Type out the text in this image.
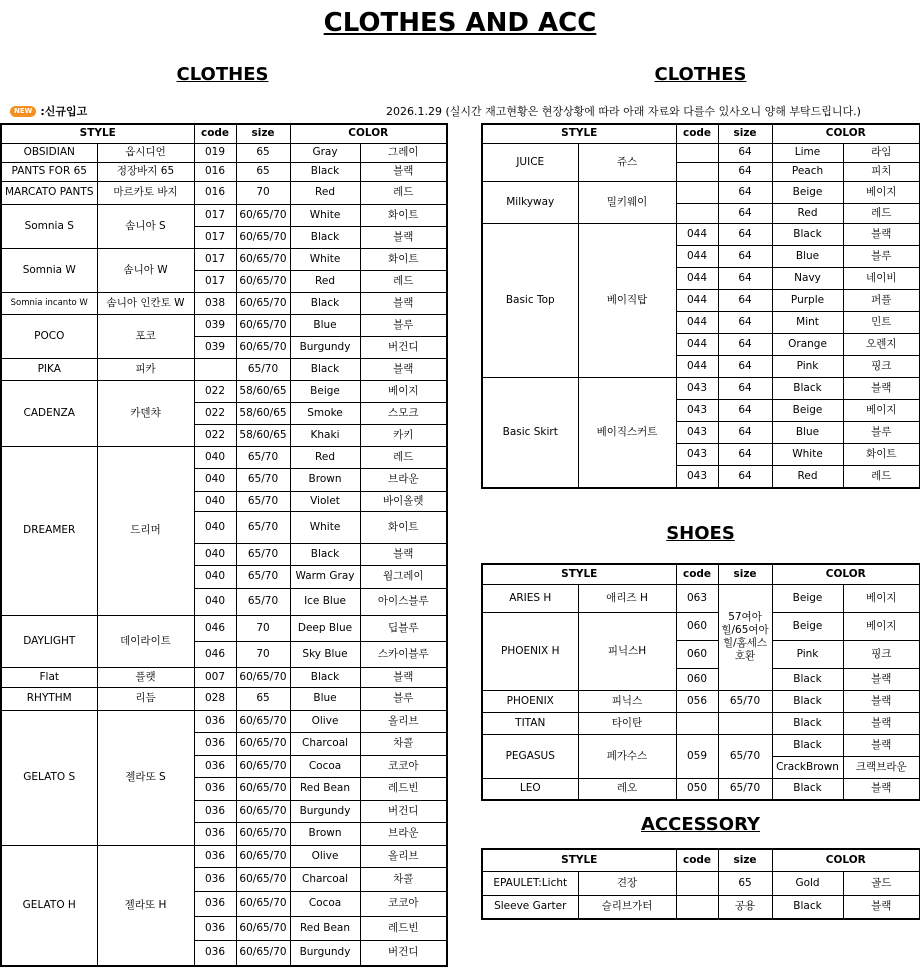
CLOTHES AND ACC
CLOTHES	CLOTHES
SHOES
ACCESSORY
NEW :신규입고	2026.1.29 (실시간 재고현황은 현장상황에 따라 아래 자료와 다를수 있사오니 양해 부탁드립니다.)
STYLE		code	size	COLOR	
OBSIDIAN	옵시디언	019	65	Gray	그레이
PANTS FOR 65	정장바지 65	016	65	Black	블랙
MARCATO PANTS	마르카토 바지	016	70	Red	레드
Somnia S	솜니아 S	017	60/65/70	White	화이트
		017	60/65/70	Black	블랙
Somnia W	솜니아 W	017	60/65/70	White	화이트
		017	60/65/70	Red	레드
Somnia incanto W	솜니아 인칸토 W	038	60/65/70	Black	블랙
POCO	포코	039	60/65/70	Blue	블루
		039	60/65/70	Burgundy	버건디
PIKA	피카		65/70	Black	블랙
CADENZA	카덴챠	022	58/60/65	Beige	베이지
		022	58/60/65	Smoke	스모크
		022	58/60/65	Khaki	카키
DREAMER	드리머	040	65/70	Red	레드
		040	65/70	Brown	브라운
		040	65/70	Violet	바이올렛
		040	65/70	White	화이트
		040	65/70	Black	블랙
		040	65/70	Warm Gray	웜그레이
		040	65/70	Ice Blue	아이스블루
DAYLIGHT	데이라이트	046	70	Deep Blue	딥블루
		046	70	Sky Blue	스카이블루
Flat	플랫	007	60/65/70	Black	블랙
RHYTHM	리듬	028	65	Blue	블루
GELATO S	젤라또 S	036	60/65/70	Olive	올리브
		036	60/65/70	Charcoal	차콜
		036	60/65/70	Cocoa	코코아
		036	60/65/70	Red Bean	레드빈
		036	60/65/70	Burgundy	버건디
		036	60/65/70	Brown	브라운
GELATO H	젤라또 H	036	60/65/70	Olive	올리브
		036	60/65/70	Charcoal	차콜
		036	60/65/70	Cocoa	코코아
		036	60/65/70	Red Bean	레드빈
		036	60/65/70	Burgundy	버건디
STYLE		code	size	COLOR	
JUICE	쥬스		64	Lime	라임
			64	Peach	피치
Milkyway	밀키웨이		64	Beige	베이지
			64	Red	레드
Basic Top	베이직탑	044	64	Black	블랙
		044	64	Blue	블루
		044	64	Navy	네이비
		044	64	Purple	퍼플
		044	64	Mint	민트
		044	64	Orange	오렌지
		044	64	Pink	핑크
Basic Skirt	베이직스커트	043	64	Black	블랙
		043	64	Beige	베이지
		043	64	Blue	블루
		043	64	White	화이트
		043	64	Red	레드
STYLE		code	size	COLOR	
ARIES H	애리즈 H	063	57여아힐/65여아힐/홈세스호환	Beige	베이지
PHOENIX H	피닉스H	060		Beige	베이지
		060		Pink	핑크
		060		Black	블랙
PHOENIX	피닉스	056	65/70	Black	블랙
TITAN	타이탄			Black	블랙
PEGASUS	페가수스	059	65/70	Black	블랙
				CrackBrown	크랙브라운
LEO	레오	050	65/70	Black	블랙
STYLE		code	size	COLOR	
EPAULET:Licht	견장		65	Gold	골드
Sleeve Garter	슬리브가터		공용	Black	블랙
